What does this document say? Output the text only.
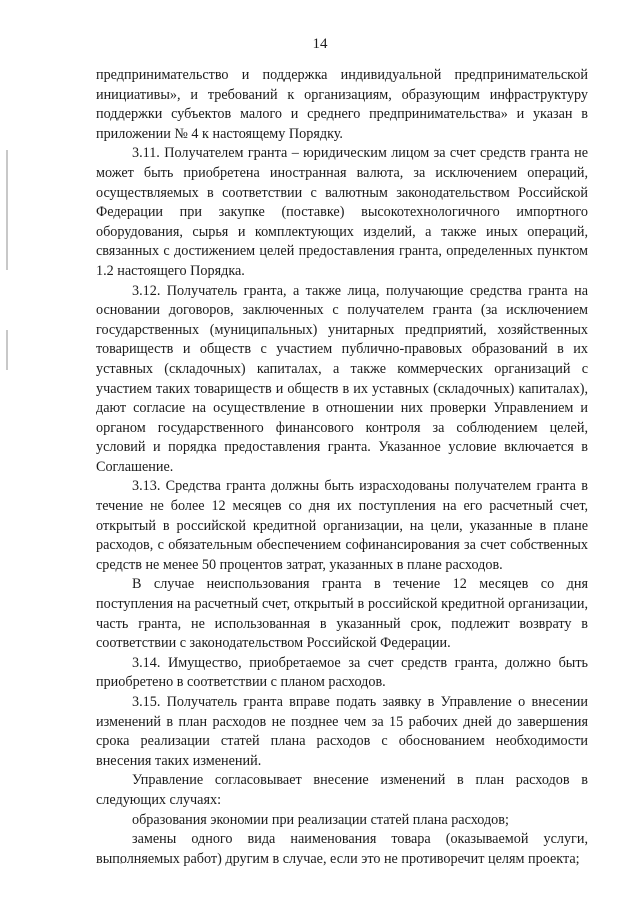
14

предпринимательство и поддержка индивидуальной предпринимательской инициативы», и требований к организациям, образующим инфраструктуру поддержки субъектов малого и среднего предпринимательства» и указан в приложении № 4 к настоящему Порядку.

3.11. Получателем гранта – юридическим лицом за счет средств гранта не может быть приобретена иностранная валюта, за исключением операций, осуществляемых в соответствии с валютным законодательством Российской Федерации при закупке (поставке) высокотехнологичного импортного оборудования, сырья и комплектующих изделий, а также иных операций, связанных с достижением целей предоставления гранта, определенных пунктом 1.2 настоящего Порядка.

3.12. Получатель гранта, а также лица, получающие средства гранта на основании договоров, заключенных с получателем гранта (за исключением государственных (муниципальных) унитарных предприятий, хозяйственных товариществ и обществ с участием публично-правовых образований в их уставных (складочных) капиталах, а также коммерческих организаций с участием таких товариществ и обществ в их уставных (складочных) капиталах), дают согласие на осуществление в отношении них проверки Управлением и органом государственного финансового контроля за соблюдением целей, условий и порядка предоставления гранта. Указанное условие включается в Соглашение.

3.13. Средства гранта должны быть израсходованы получателем гранта в течение не более 12 месяцев со дня их поступления на его расчетный счет, открытый в российской кредитной организации, на цели, указанные в плане расходов, с обязательным обеспечением софинансирования за счет собственных средств не менее 50 процентов затрат, указанных в плане расходов.

В случае неиспользования гранта в течение 12 месяцев со дня поступления на расчетный счет, открытый в российской кредитной организации, часть гранта, не использованная в указанный срок, подлежит возврату в соответствии с законодательством Российской Федерации.

3.14. Имущество, приобретаемое за счет средств гранта, должно быть приобретено в соответствии с планом расходов.

3.15. Получатель гранта вправе подать заявку в Управление о внесении изменений в план расходов не позднее чем за 15 рабочих дней до завершения срока реализации статей плана расходов с обоснованием необходимости внесения таких изменений.

Управление согласовывает внесение изменений в план расходов в следующих случаях:

образования экономии при реализации статей плана расходов;

замены одного вида наименования товара (оказываемой услуги, выполняемых работ) другим в случае, если это не противоречит целям проекта;
